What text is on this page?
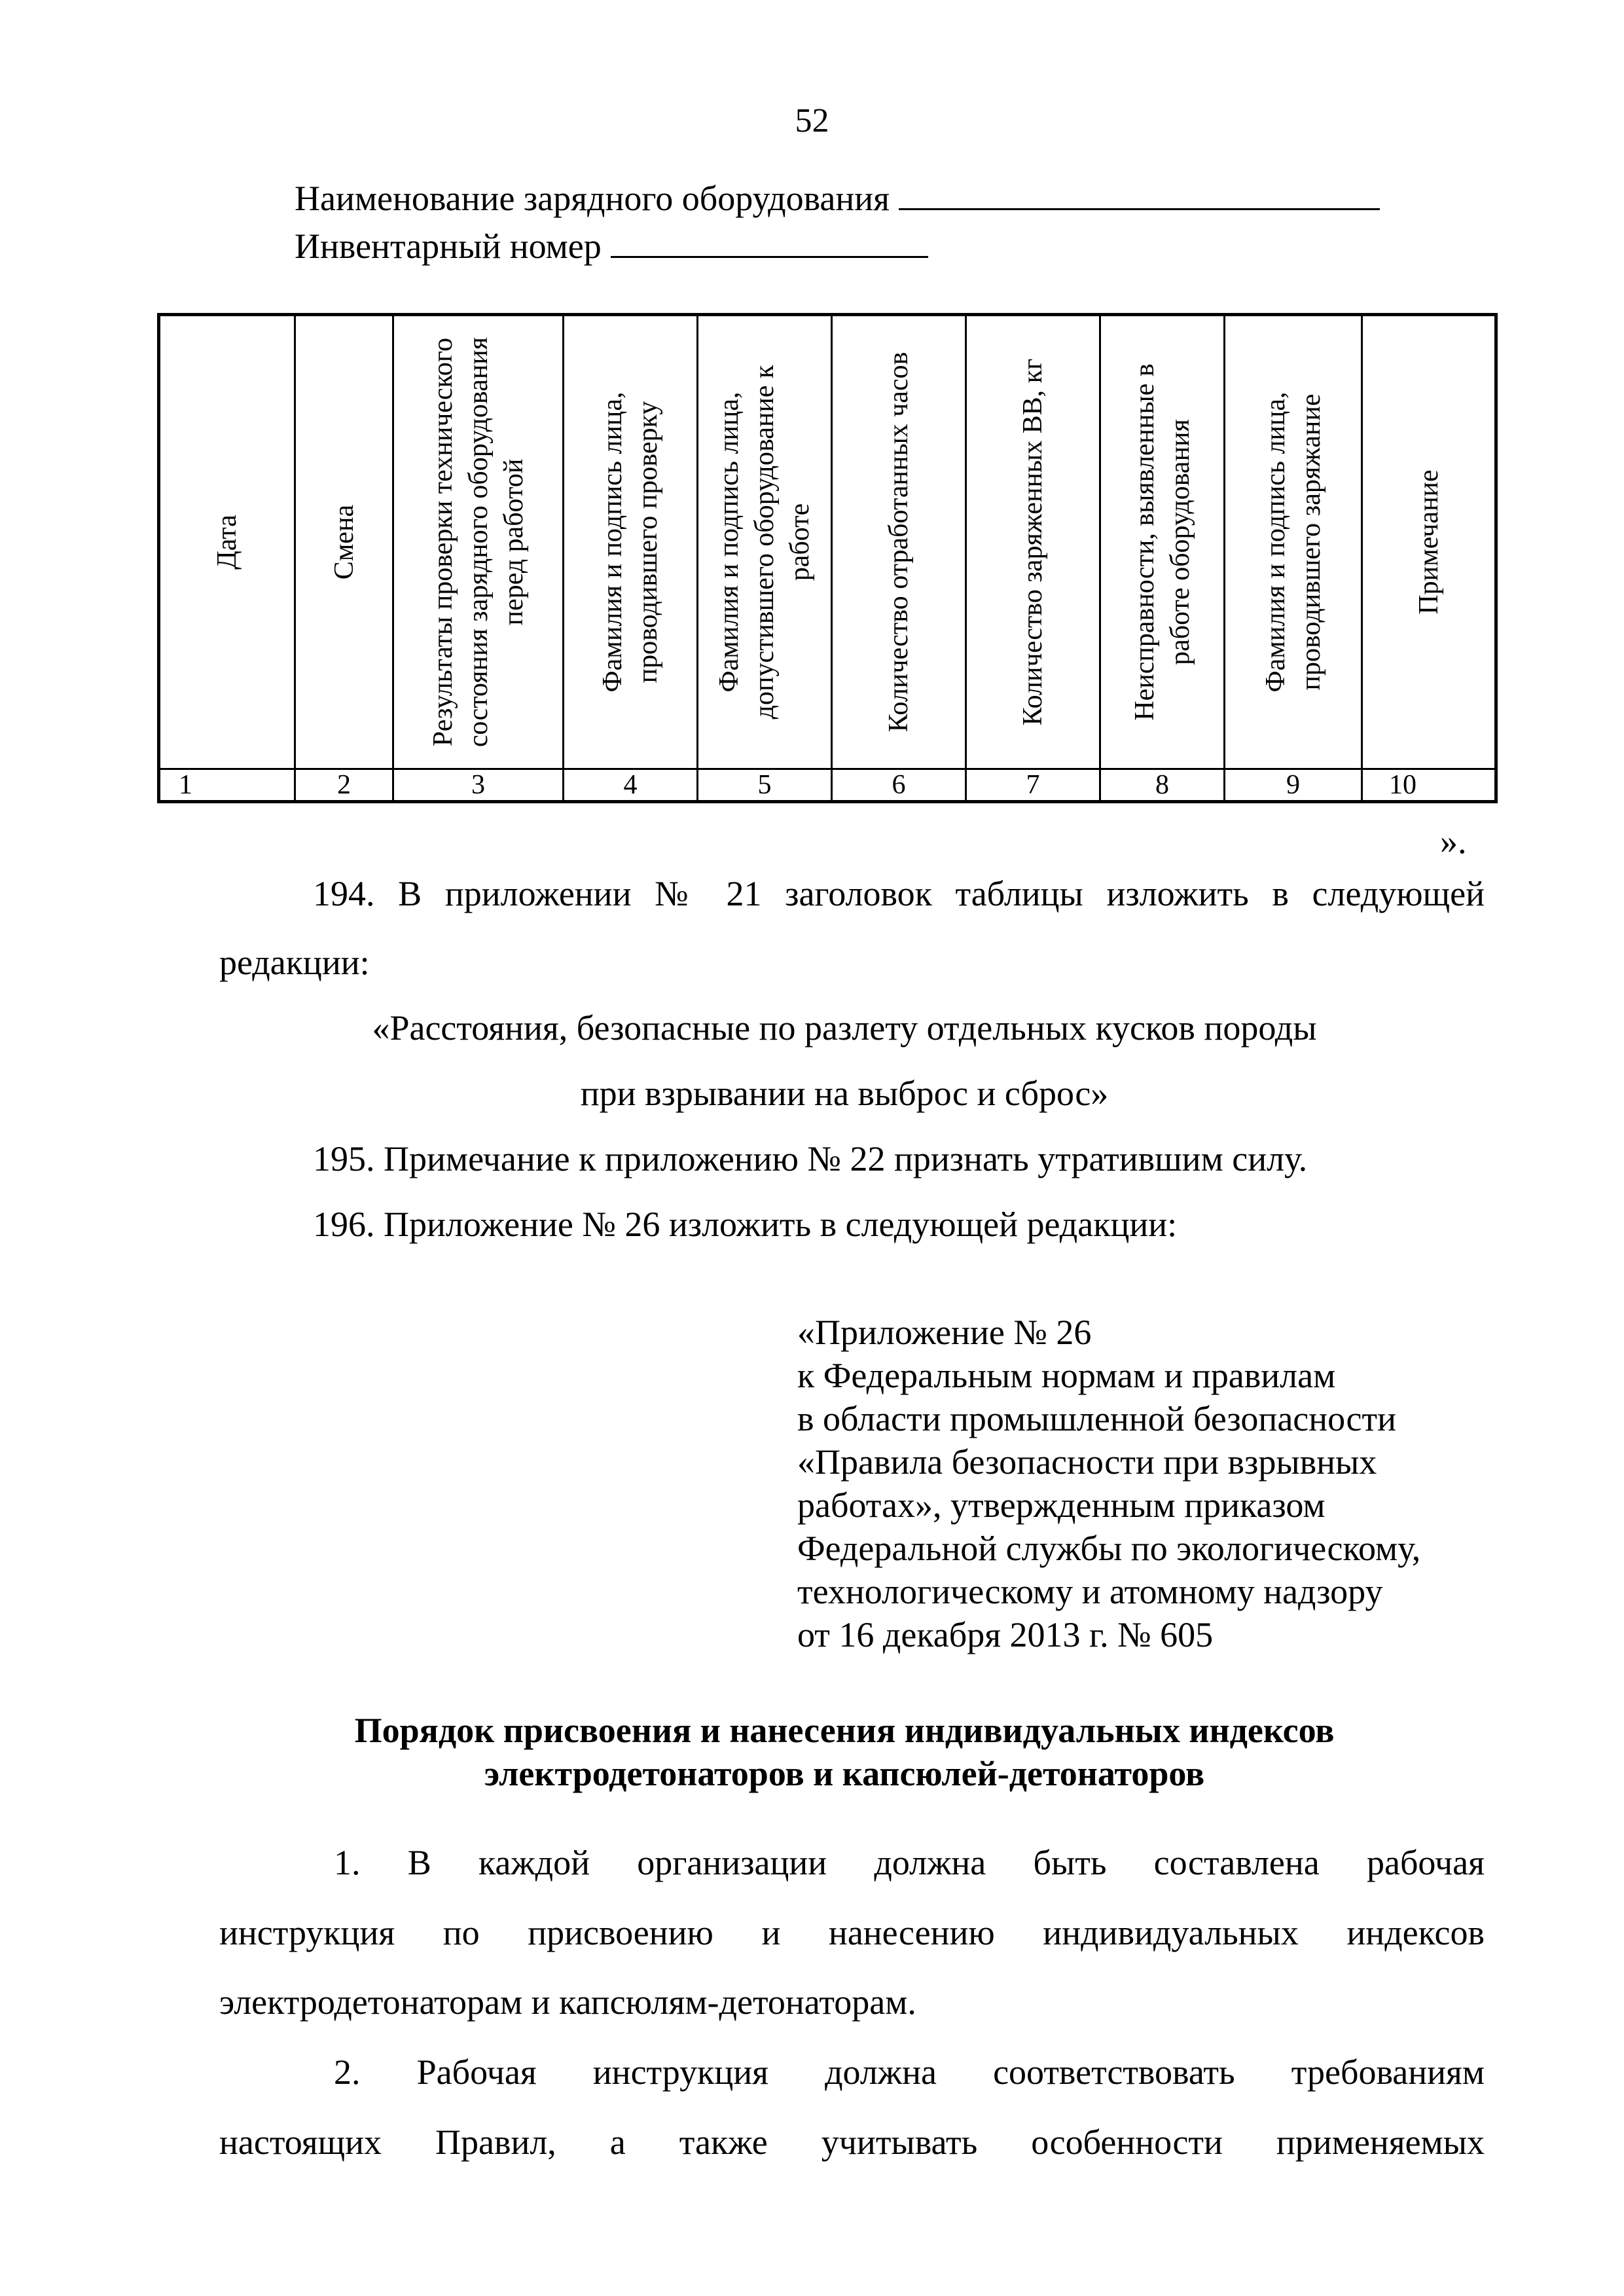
52
Наименование зарядного оборудования
Инвентарный номер
Дата	Смена	Результаты проверки технического состояния зарядного оборудования перед работой	Фамилия и подпись лица, проводившего проверку	Фамилия и подпись лица, допустившего оборудование к работе	Количество отработанных часов	Количество заряженных ВВ, кг	Неисправности, выявленные в работе оборудования	Фамилия и подпись лица, проводившего заряжание	Примечание

1	2	3	4	5	6	7	8	9	10
».
194. В приложении № 21 заголовок таблицы изложить в следующей
редакции:
«Расстояния, безопасные по разлету отдельных кусков породы
при взрывании на выброс и сброс»
195. Примечание к приложению № 22 признать утратившим силу.
196. Приложение № 26 изложить в следующей редакции:
«Приложение № 26
к Федеральным нормам и правилам
в области промышленной безопасности
«Правила безопасности при взрывных
работах», утвержденным приказом
Федеральной службы по экологическому,
технологическому и атомному надзору
от 16 декабря 2013 г. № 605
Порядок присвоения и нанесения индивидуальных индексов
электродетонаторов и капсюлей-детонаторов
1. В каждой организации должна быть составлена рабочая
инструкция по присвоению и нанесению индивидуальных индексов
электродетонаторам и капсюлям-детонаторам.
2. Рабочая инструкция должна соответствовать требованиям
настоящих Правил, а также учитывать особенности применяемых
